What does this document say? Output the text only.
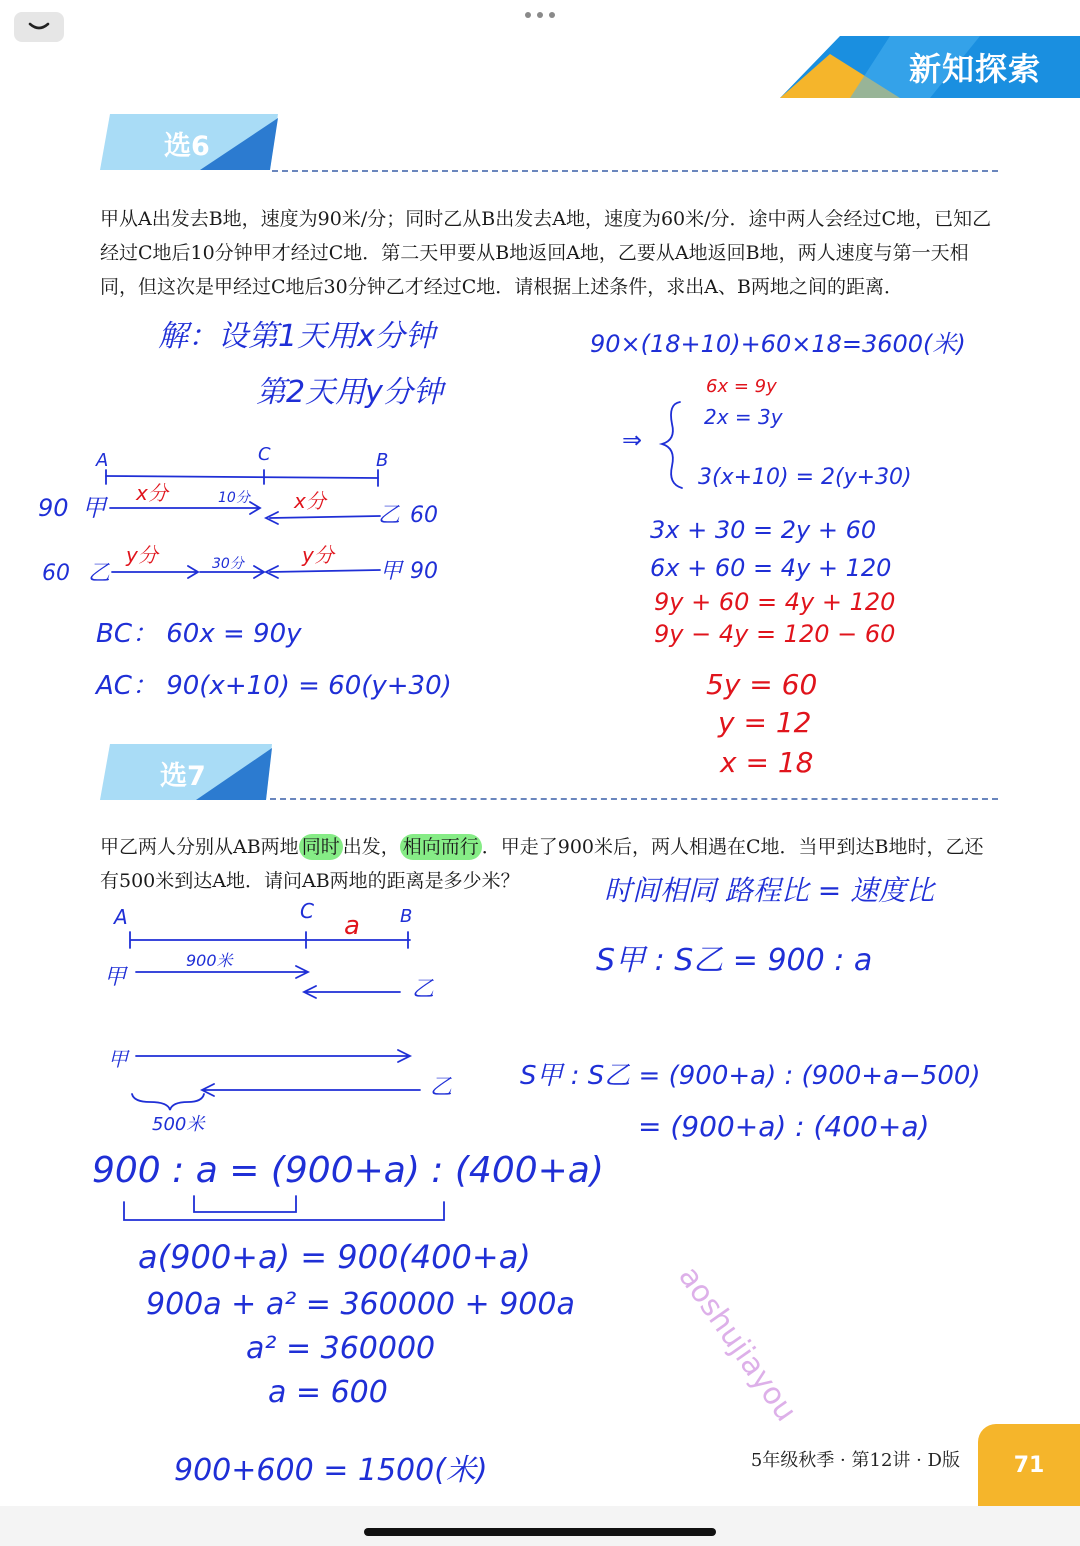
新知探索
选6

甲从A出发去B地，速度为90米/分；同时乙从B出发去A地，速度为60米/分．途中两人会经过C地，已知乙经过C地后10分钟甲才经过C地．第二天甲要从B地返回A地，乙要从A地返回B地，两人速度与第一天相同，但这次是甲经过C地后30分钟乙才经过C地．请根据上述条件，求出A、B两地之间的距离．

选7

甲乙两人分别从AB两地 同时 出发， 相向而行 ．甲走了900米后，两人相遇在C地．当甲到达B地时，乙还有500米到达A地．请问AB两地的距离是多少米？

解：设第1天用x分钟
第2天用y分钟
90×(18+10)+60×18=3600(米)
A	C	B
90 甲	乙 60
60 乙	30分
10分
甲 90
BC： 60x = 90y
AC： 90(x+10) = 60(y+30)
⇒
2x = 3y
3(x+10) = 2(y+30)
3x + 30 = 2y + 60
6x + 60 = 4y + 120
时间相同 路程比 = 速度比
S甲 : S乙 = 900 : a
S甲 : S乙 = (900+a) : (900+a−500)
= (900+a) : (400+a)
A	C	B
甲
900米
乙
甲
乙
500米
900 : a = (900+a) : (400+a)
a(900+a) = 900(400+a)
900a + a² = 360000 + 900a
a² = 360000
a = 600
900+600 = 1500(米)
x分	x分
y分	y分
6x = 9y
9y + 60 = 4y + 120
9y − 4y = 120 − 60
5y = 60
y = 12
x = 18
a
aoshujiayou
5年级秋季 · 第12讲 · D版 71
